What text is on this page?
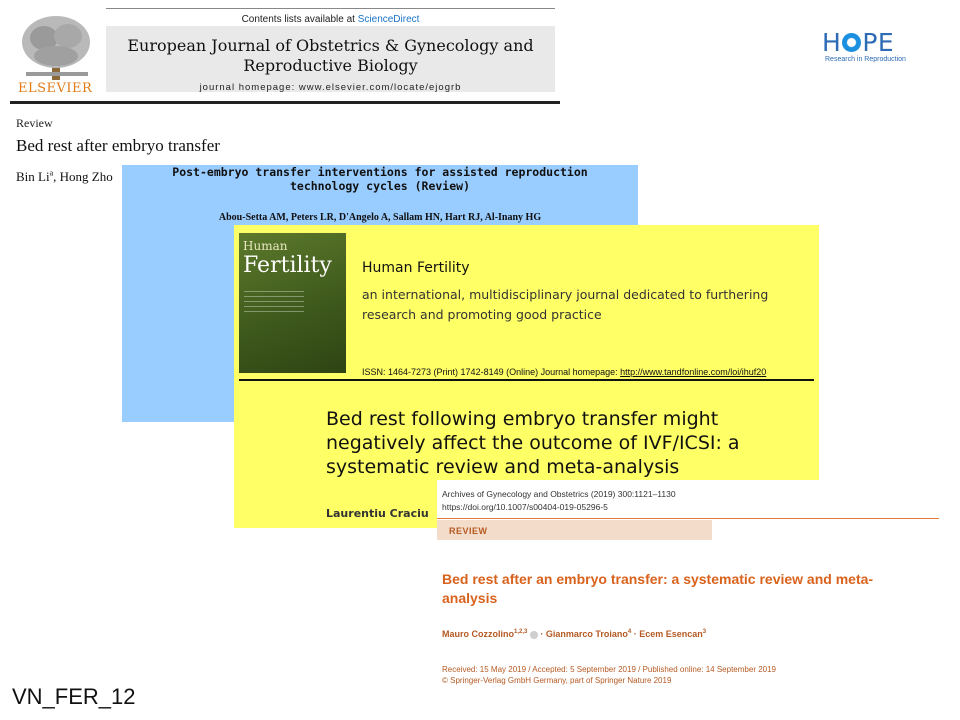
ELSEVIER
Contents lists available at ScienceDirect
European Journal of Obstetrics & Gynecology and
Reproductive Biology
journal homepage: www.elsevier.com/locate/ejogrb
Review
Bed rest after embryo transfer
Bin Li$^a$, Hong Zho
H PE
Research in Reproduction
Post-embryo transfer interventions for assisted reproduction
technology cycles (Review)
Abou-Setta AM, Peters LR, D'Angelo A, Sallam HN, Hart RJ, Al-Inany HG
Human
Fertility Human Fertility
an international, multidisciplinary journal dedicated to furthering research and promoting good practice
ISSN: 1464-7273 (Print) 1742-8149 (Online) Journal homepage: http://www.tandfonline.com/loi/ihuf20
Bed rest following embryo transfer might negatively affect the outcome of IVF/ICSI: a systematic review and meta-analysis
Laurentiu Craciu
Archives of Gynecology and Obstetrics (2019) 300:1121–1130
https://doi.org/10.1007/s00404-019-05296-5
REVIEW
Bed rest after an embryo transfer: a systematic review and meta-analysis
Mauro Cozzolino$^{1,2,3}$  · Gianmarco Troiano$^4$ · Ecem Esencan$^3$
Received: 15 May 2019 / Accepted: 5 September 2019 / Published online: 14 September 2019
© Springer-Verlag GmbH Germany, part of Springer Nature 2019
VN_FER_12
